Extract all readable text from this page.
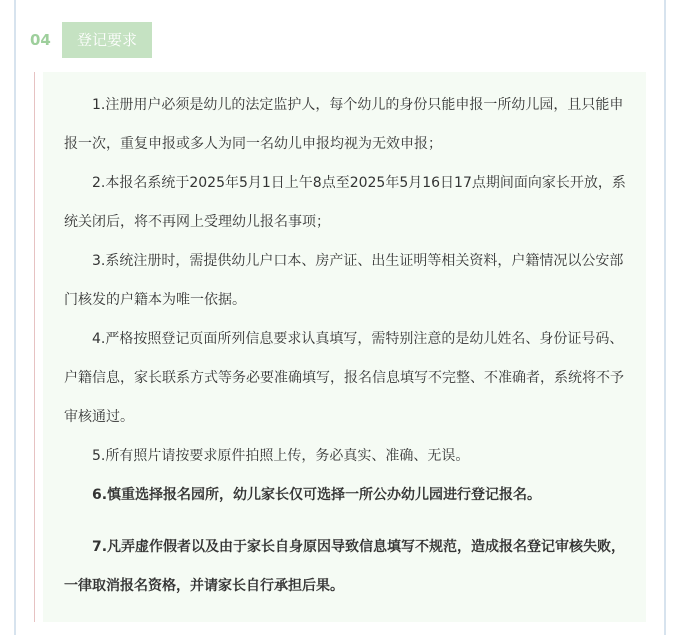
04	登记要求

1.注册用户必须是幼儿的法定监护人，每个幼儿的身份只能申报一所幼儿园，且只能申报一次，重复申报或多人为同一名幼儿申报均视为无效申报；

2.本报名系统于2025年5月1日上午8点至2025年5月16日17点期间面向家长开放，系统关闭后，将不再网上受理幼儿报名事项；

3.系统注册时，需提供幼儿户口本、房产证、出生证明等相关资料，户籍情况以公安部门核发的户籍本为唯一依据。

4.严格按照登记页面所列信息要求认真填写，需特别注意的是幼儿姓名、身份证号码、户籍信息，家长联系方式等务必要准确填写，报名信息填写不完整、不准确者，系统将不予审核通过。

5.所有照片请按要求原件拍照上传，务必真实、准确、无误。

6.慎重选择报名园所，幼儿家长仅可选择一所公办幼儿园进行登记报名。

7.凡弄虚作假者以及由于家长自身原因导致信息填写不规范，造成报名登记审核失败，一律取消报名资格，并请家长自行承担后果。
